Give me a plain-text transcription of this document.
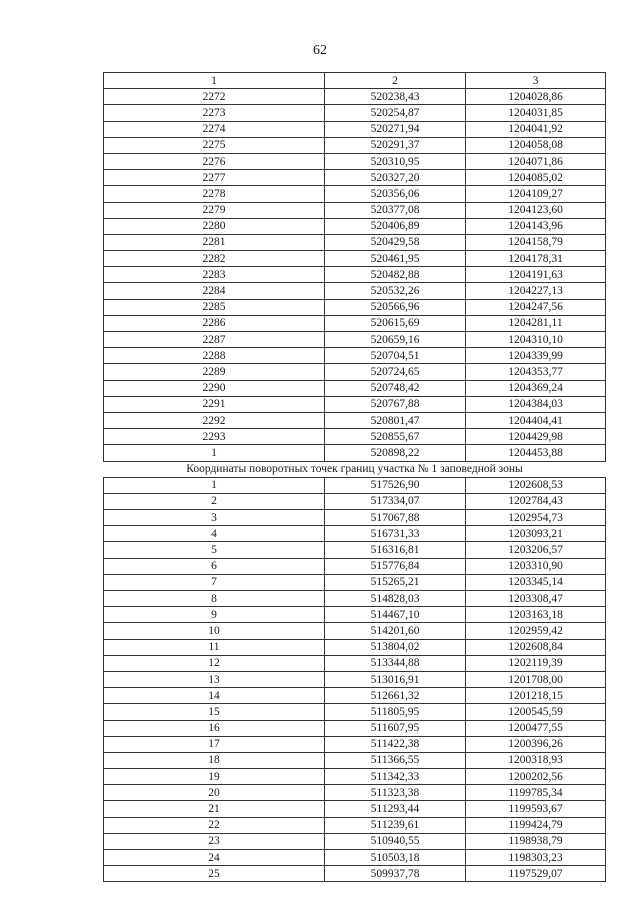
62
1	2	3
2272	520238,43	1204028,86
2273	520254,87	1204031,85
2274	520271,94	1204041,92
2275	520291,37	1204058,08
2276	520310,95	1204071,86
2277	520327,20	1204085,02
2278	520356,06	1204109,27
2279	520377,08	1204123,60
2280	520406,89	1204143,96
2281	520429,58	1204158,79
2282	520461,95	1204178,31
2283	520482,88	1204191,63
2284	520532,26	1204227,13
2285	520566,96	1204247,56
2286	520615,69	1204281,11
2287	520659,16	1204310,10
2288	520704,51	1204339,99
2289	520724,65	1204353,77
2290	520748,42	1204369,24
2291	520767,88	1204384,03
2292	520801,47	1204404,41
2293	520855,67	1204429,98
1	520898,22	1204453,88
Координаты поворотных точек границ участка № 1 заповедной зоны		
1	517526,90	1202608,53
2	517334,07	1202784,43
3	517067,88	1202954,73
4	516731,33	1203093,21
5	516316,81	1203206,57
6	515776,84	1203310,90
7	515265,21	1203345,14
8	514828,03	1203308,47
9	514467,10	1203163,18
10	514201,60	1202959,42
11	513804,02	1202608,84
12	513344,88	1202119,39
13	513016,91	1201708,00
14	512661,32	1201218,15
15	511805,95	1200545,59
16	511607,95	1200477,55
17	511422,38	1200396,26
18	511366,55	1200318,93
19	511342,33	1200202,56
20	511323,38	1199785,34
21	511293,44	1199593,67
22	511239,61	1199424,79
23	510940,55	1198938,79
24	510503,18	1198303,23
25	509937,78	1197529,07
